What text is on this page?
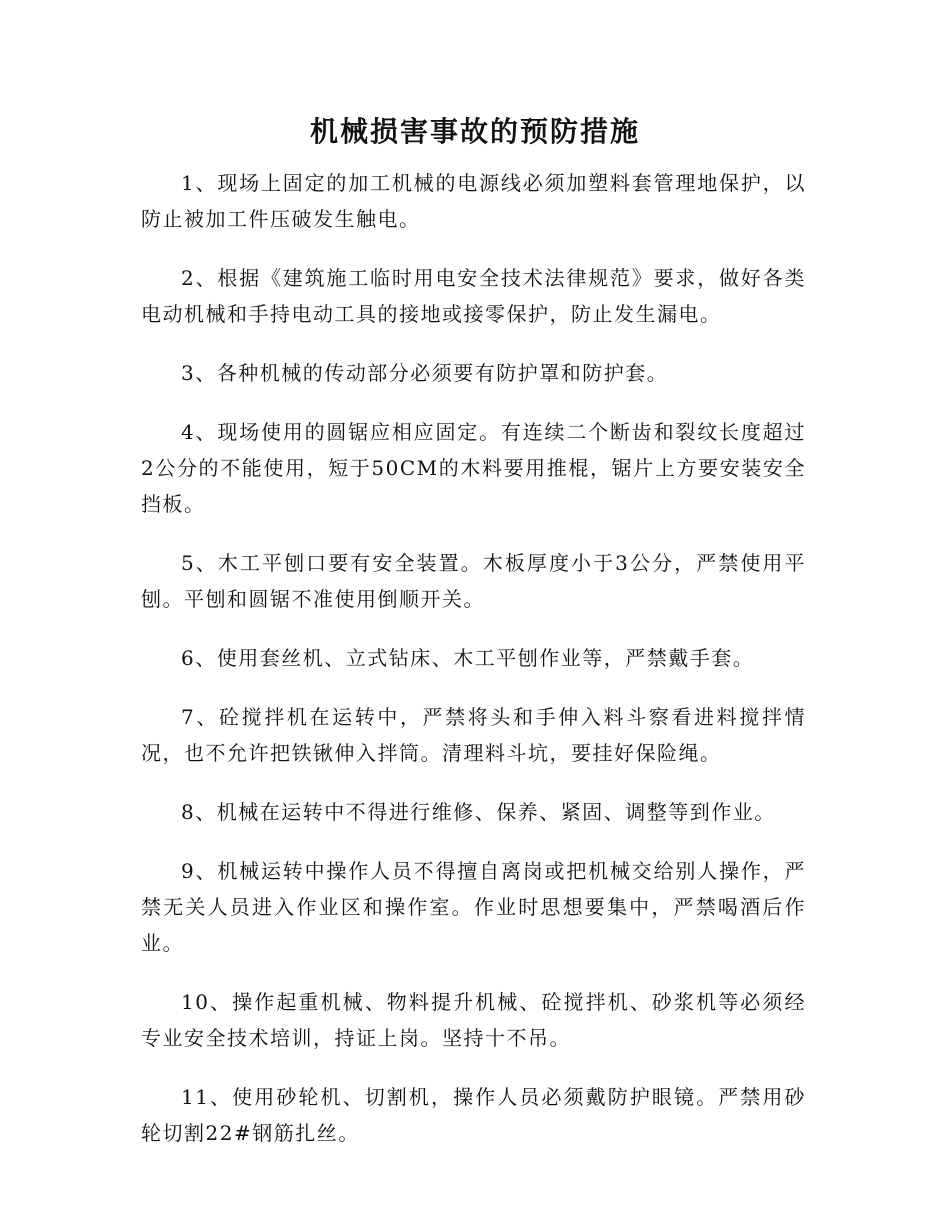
机械损害事故的预防措施

1、现场上固定的加工机械的电源线必须加塑料套管理地保护，以防止被加工件压破发生触电。

2、根据《建筑施工临时用电安全技术法律规范》要求，做好各类电动机械和手持电动工具的接地或接零保护，防止发生漏电。

3、各种机械的传动部分必须要有防护罩和防护套。

4、现场使用的圆锯应相应固定。有连续二个断齿和裂纹长度超过2公分的不能使用，短于50CM的木料要用推棍，锯片上方要安装安全挡板。

5、木工平刨口要有安全装置。木板厚度小于3公分，严禁使用平刨。平刨和圆锯不准使用倒顺开关。

6、使用套丝机、立式钻床、木工平刨作业等，严禁戴手套。

7、砼搅拌机在运转中，严禁将头和手伸入料斗察看进料搅拌情况，也不允许把铁锹伸入拌筒。清理料斗坑，要挂好保险绳。

8、机械在运转中不得进行维修、保养、紧固、调整等到作业。

9、机械运转中操作人员不得擅自离岗或把机械交给别人操作，严禁无关人员进入作业区和操作室。作业时思想要集中，严禁喝酒后作业。

10、操作起重机械、物料提升机械、砼搅拌机、砂浆机等必须经专业安全技术培训，持证上岗。坚持十不吊。

11、使用砂轮机、切割机，操作人员必须戴防护眼镜。严禁用砂轮切割22#钢筋扎丝。
